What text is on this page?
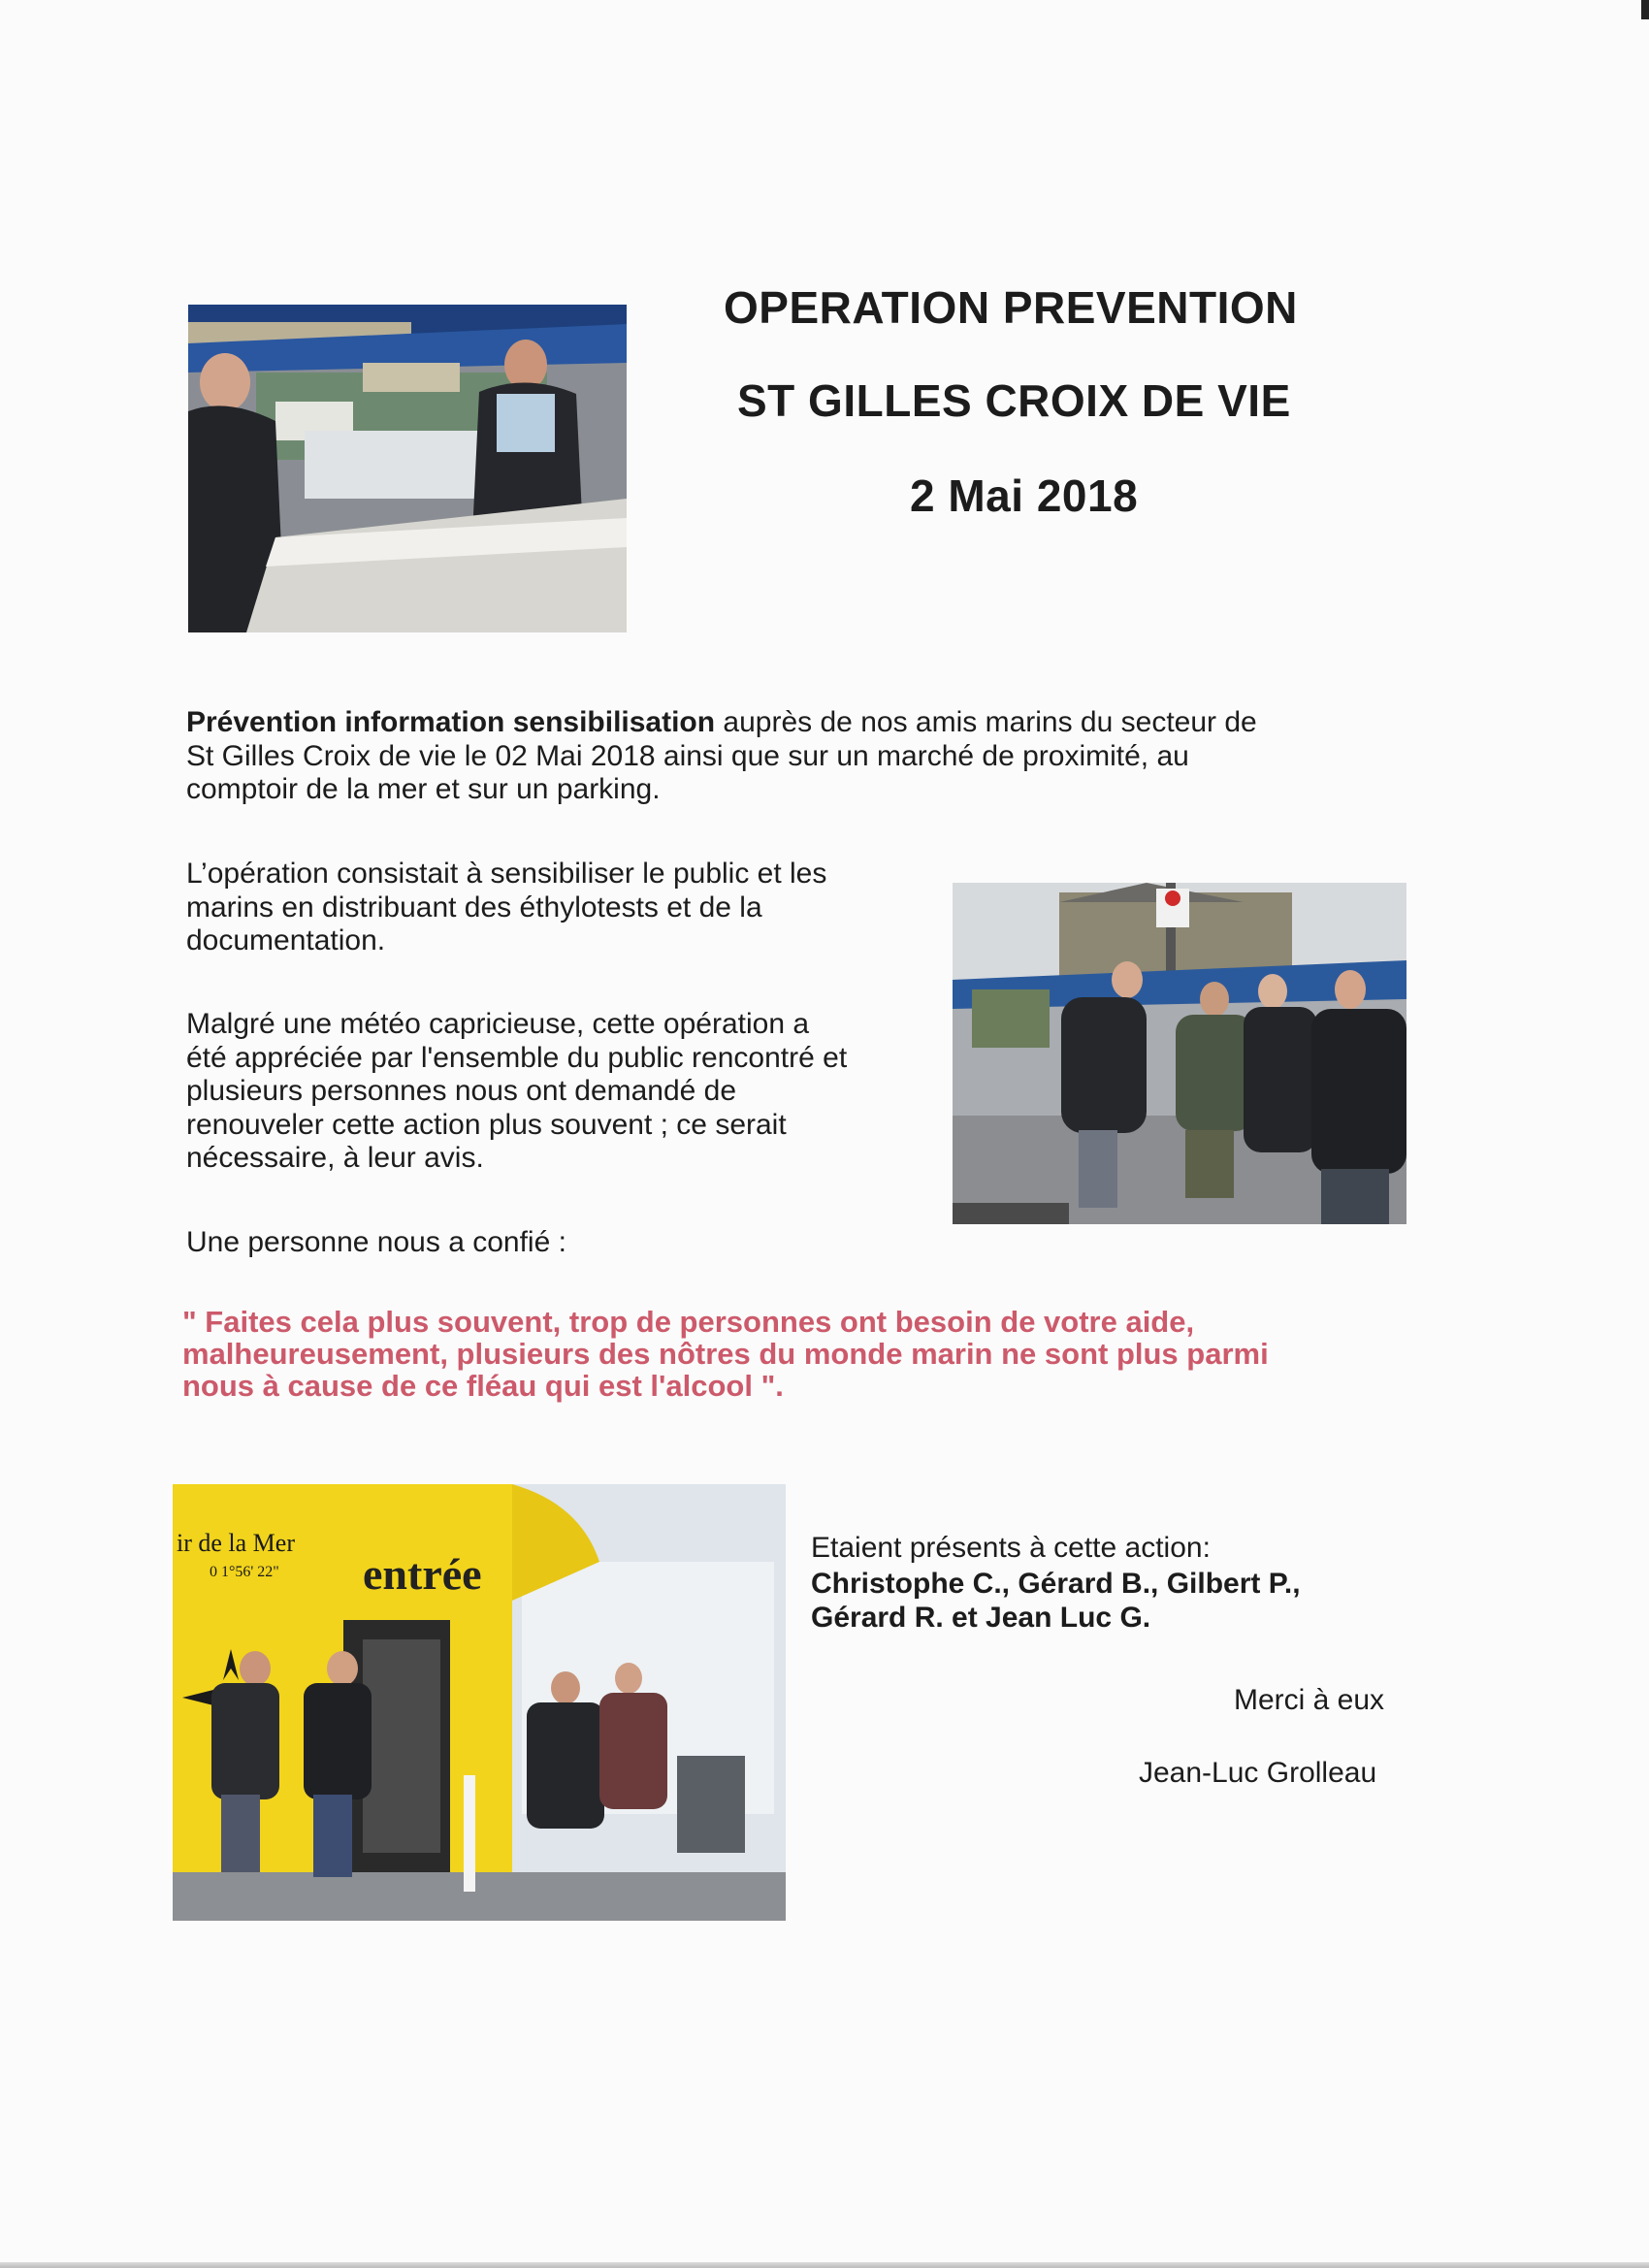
OPERATION PREVENTION
ST GILLES CROIX DE VIE
2 Mai 2018

Prévention information sensibilisation auprès de nos amis marins du secteur de

St Gilles Croix de vie le 02 Mai 2018 ainsi que sur un marché de proximité, au

comptoir de la mer et sur un parking.

L’opération consistait à sensibiliser le public et les

marins en distribuant des éthylotests et de la

documentation.

Malgré une météo capricieuse, cette opération a

été appréciée par l'ensemble du public rencontré et

plusieurs personnes nous ont demandé de

renouveler cette action plus souvent ; ce serait

nécessaire, à leur avis.

Une personne nous a confié :

" Faites cela plus souvent, trop de personnes ont besoin de votre aide,

malheureusement, plusieurs des nôtres du monde marin ne sont plus parmi

nous à cause de ce fléau qui est l'alcool ".

ir de la Mer
0 1°56' 22" entrée
Etaient présents à cette action:

Christophe C., Gérard B., Gilbert P.,

Gérard R. et Jean Luc G.

Merci à eux
Jean-Luc Grolleau
